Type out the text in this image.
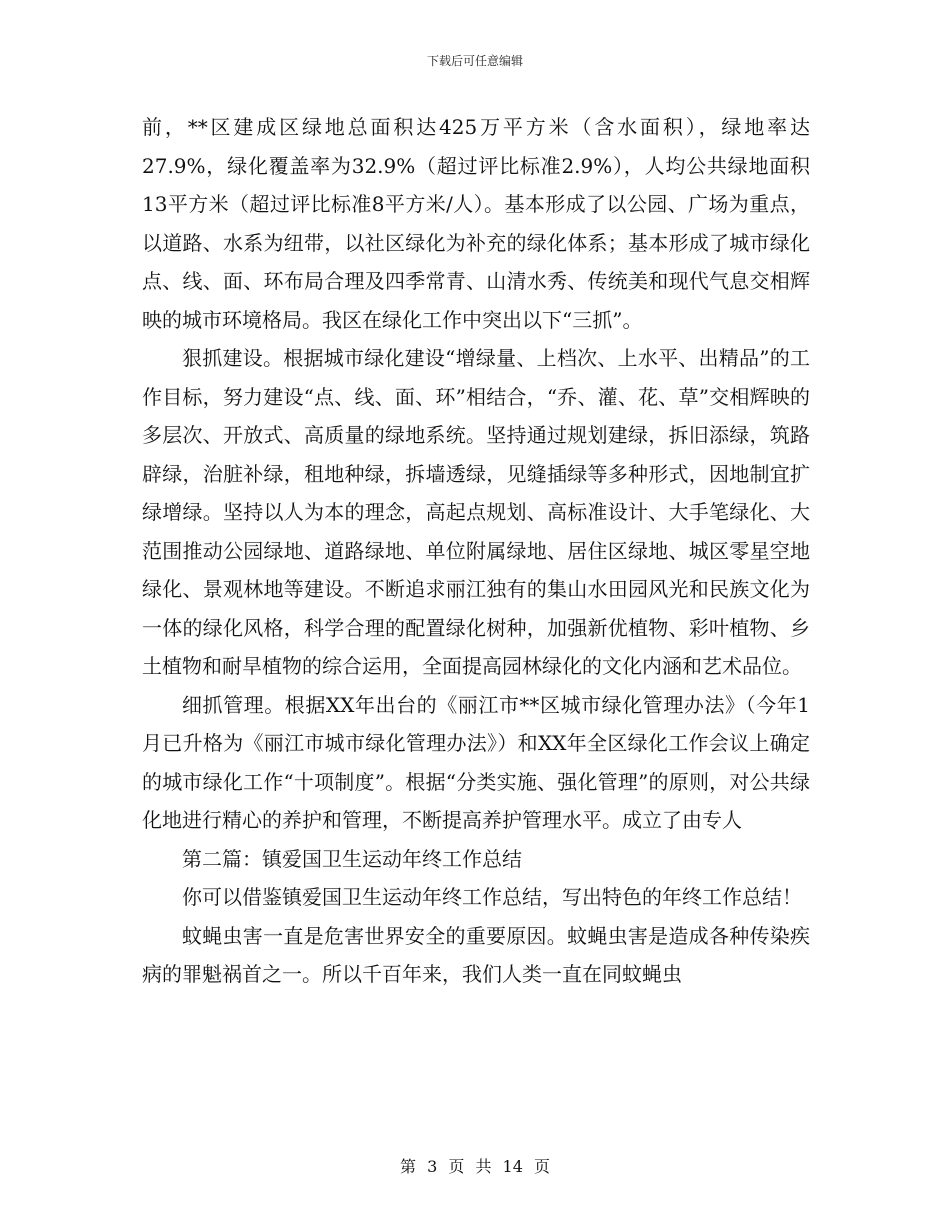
下载后可任意编辑

前，**区建成区绿地总面积达425万平方米（含水面积），绿地率达27.9%，绿化覆盖率为32.9%（超过评比标准2.9%），人均公共绿地面积13平方米（超过评比标准8平方米/人）。基本形成了以公园、广场为重点，以道路、水系为纽带，以社区绿化为补充的绿化体系；基本形成了城市绿化点、线、面、环布局合理及四季常青、山清水秀、传统美和现代气息交相辉映的城市环境格局。我区在绿化工作中突出以下“三抓”。

狠抓建设。根据城市绿化建设“增绿量、上档次、上水平、出精品”的工作目标，努力建设“点、线、面、环”相结合，“乔、灌、花、草”交相辉映的多层次、开放式、高质量的绿地系统。坚持通过规划建绿，拆旧添绿，筑路辟绿，治脏补绿，租地种绿，拆墙透绿，见缝插绿等多种形式，因地制宜扩绿增绿。坚持以人为本的理念，高起点规划、高标准设计、大手笔绿化、大范围推动公园绿地、道路绿地、单位附属绿地、居住区绿地、城区零星空地绿化、景观林地等建设。不断追求丽江独有的集山水田园风光和民族文化为一体的绿化风格，科学合理的配置绿化树种，加强新优植物、彩叶植物、乡土植物和耐旱植物的综合运用，全面提高园林绿化的文化内涵和艺术品位。

细抓管理。根据XX年出台的《丽江市**区城市绿化管理办法》（今年1月已升格为《丽江市城市绿化管理办法》）和XX年全区绿化工作会议上确定的城市绿化工作“十项制度”。根据“分类实施、强化管理”的原则，对公共绿化地进行精心的养护和管理，不断提高养护管理水平。成立了由专人

第二篇：镇爱国卫生运动年终工作总结

你可以借鉴镇爱国卫生运动年终工作总结，写出特色的年终工作总结！

蚊蝇虫害一直是危害世界安全的重要原因。蚊蝇虫害是造成各种传染疾病的罪魁祸首之一。所以千百年来，我们人类一直在同蚊蝇虫

第 3 页 共 14 页
